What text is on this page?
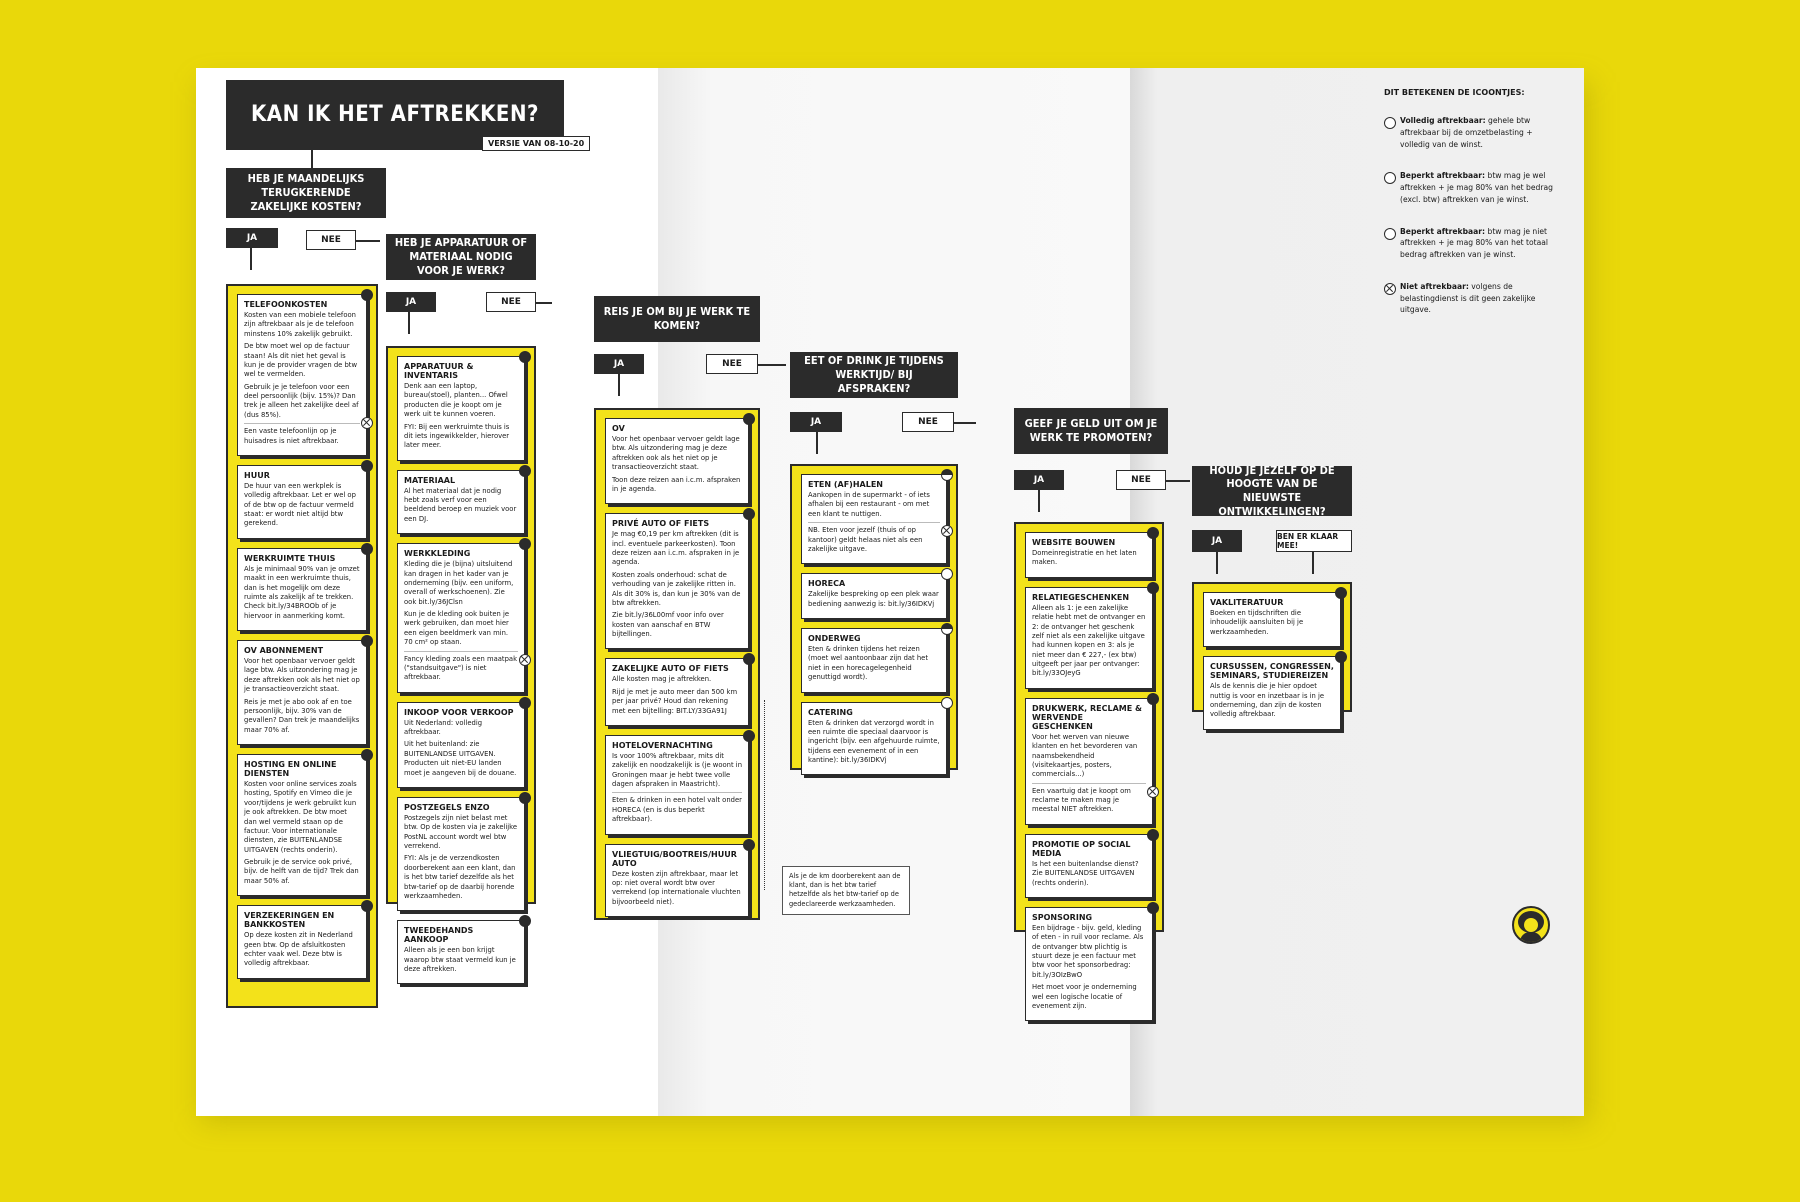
KAN IK HET AFTREKKEN?
VERSIE VAN 08-10-20
HEB JE MAANDELIJKS TERUGKERENDE ZAKELIJKE KOSTEN?
JA	NEE
TELEFOONKOSTEN

Kosten van een mobiele telefoon zijn aftrekbaar als je de telefoon minstens 10% zakelijk gebruikt.

De btw moet wel op de factuur staan! Als dit niet het geval is kun je de provider vragen de btw wel te vermelden.

Gebruik je je telefoon voor een deel persoonlijk (bijv. 15%)? Dan trek je alleen het zakelijke deel af (dus 85%).

Een vaste telefoonlijn op je huisadres is niet aftrekbaar.

HUUR

De huur van een werkplek is volledig aftrekbaar. Let er wel op of de btw op de factuur vermeld staat: er wordt niet altijd btw gerekend.

WERKRUIMTE THUIS

Als je minimaal 90% van je omzet maakt in een werkruimte thuis, dan is het mogelijk om deze ruimte als zakelijk af te trekken. Check bit.ly/34BROOb of je hiervoor in aanmerking komt.

OV ABONNEMENT

Voor het openbaar vervoer geldt lage btw. Als uitzondering mag je deze aftrekken ook als het niet op je transactieoverzicht staat.

Reis je met je abo ook af en toe persoonlijk, bijv. 30% van de gevallen? Dan trek je maandelijks maar 70% af.

HOSTING EN ONLINE DIENSTEN

Kosten voor online services zoals hosting, Spotify en Vimeo die je voor/tijdens je werk gebruikt kun je ook aftrekken. De btw moet dan wel vermeld staan op de factuur. Voor internationale diensten, zie BUITENLANDSE UITGAVEN (rechts onderin).

Gebruik je de service ook privé, bijv. de helft van de tijd? Trek dan maar 50% af.

VERZEKERINGEN EN BANKKOSTEN

Op deze kosten zit in Nederland geen btw. Op de afsluitkosten echter vaak wel. Deze btw is volledig aftrekbaar.

HEB JE APPARATUUR OF MATERIAAL NODIG VOOR JE WERK?
JA	NEE
APPARATUUR & INVENTARIS

Denk aan een laptop, bureau(stoel), planten... Ofwel producten die je koopt om je werk uit te kunnen voeren.

FYI: Bij een werkruimte thuis is dit iets ingewikkelder, hierover later meer.

MATERIAAL

Al het materiaal dat je nodig hebt zoals verf voor een beeldend beroep en muziek voor een DJ.

WERKKLEDING

Kleding die je (bijna) uitsluitend kan dragen in het kader van je onderneming (bijv. een uniform, overall of werkschoenen). Zie ook bit.ly/36JClsn

Kun je de kleding ook buiten je werk gebruiken, dan moet hier een eigen beeldmerk van min. 70 cm² op staan.

Fancy kleding zoals een maatpak ("standsuitgave") is niet aftrekbaar.

INKOOP VOOR VERKOOP

Uit Nederland: volledig aftrekbaar.

Uit het buitenland: zie BUITENLANDSE UITGAVEN. Producten uit niet-EU landen moet je aangeven bij de douane.

POSTZEGELS ENZO

Postzegels zijn niet belast met btw. Op de kosten via je zakelijke PostNL account wordt wel btw verrekend.

FYI: Als je de verzendkosten doorberekent aan een klant, dan is het btw tarief dezelfde als het btw-tarief op de daarbij horende werkzaamheden.

TWEEDEHANDS AANKOOP

Alleen als je een bon krijgt waarop btw staat vermeld kun je deze aftrekken.

REIS JE OM BIJ JE WERK TE KOMEN?
JA	NEE
OV

Voor het openbaar vervoer geldt lage btw. Als uitzondering mag je deze aftrekken ook als het niet op je transactieoverzicht staat.

Toon deze reizen aan i.c.m. afspraken in je agenda.

PRIVÉ AUTO OF FIETS

Je mag €0,19 per km aftrekken (dit is incl. eventuele parkeerkosten). Toon deze reizen aan i.c.m. afspraken in je agenda.

Kosten zoals onderhoud: schat de verhouding van je zakelijke ritten in. Als dit 30% is, dan kun je 30% van de btw aftrekken.

Zie bit.ly/36L00mf voor info over kosten van aanschaf en BTW bijtellingen.

ZAKELIJKE AUTO OF FIETS

Alle kosten mag je aftrekken.

Rijd je met je auto meer dan 500 km per jaar privé? Houd dan rekening met een bijtelling: BIT.LY/33GA91J

HOTELOVERNACHTING

Is voor 100% aftrekbaar, mits dit zakelijk en noodzakelijk is (je woont in Groningen maar je hebt twee volle dagen afspraken in Maastricht).

Eten & drinken in een hotel valt onder HORECA (en is dus beperkt aftrekbaar).

VLIEGTUIG/BOOTREIS/HUUR AUTO

Deze kosten zijn aftrekbaar, maar let op: niet overal wordt btw over verrekend (op internationale vluchten bijvoorbeeld niet).

Als je de km doorberekent aan de klant, dan is het btw tarief hetzelfde als het btw-tarief op de gedeclareerde werkzaamheden.
EET OF DRINK JE TIJDENS WERKTIJD/ BIJ AFSPRAKEN?
JA	NEE
ETEN (AF)HALEN

Aankopen in de supermarkt - of iets afhalen bij een restaurant - om met een klant te nuttigen.

NB. Eten voor jezelf (thuis of op kantoor) geldt helaas niet als een zakelijke uitgave.

HORECA

Zakelijke bespreking op een plek waar bediening aanwezig is: bit.ly/36IDKVj

ONDERWEG

Eten & drinken tijdens het reizen (moet wel aantoonbaar zijn dat het niet in een horecagelegenheid genuttigd wordt).

CATERING

Eten & drinken dat verzorgd wordt in een ruimte die speciaal daarvoor is ingericht (bijv. een afgehuurde ruimte, tijdens een evenement of in een kantine): bit.ly/36IDKVj

GEEF JE GELD UIT OM JE WERK TE PROMOTEN?
JA	NEE
WEBSITE BOUWEN

Domeinregistratie en het laten maken.

RELATIEGESCHENKEN

Alleen als 1: je een zakelijke relatie hebt met de ontvanger en 2: de ontvanger het geschenk zelf niet als een zakelijke uitgave had kunnen kopen en 3: als je niet meer dan € 227,- (ex btw) uitgeeft per jaar per ontvanger: bit.ly/33OJeyG

DRUKWERK, RECLAME & WERVENDE GESCHENKEN

Voor het werven van nieuwe klanten en het bevorderen van naamsbekendheid (visitekaartjes, posters, commercials...)

Een vaartuig dat je koopt om reclame te maken mag je meestal NIET aftrekken.

PROMOTIE OP SOCIAL MEDIA

Is het een buitenlandse dienst? Zie BUITENLANDSE UITGAVEN (rechts onderin).

SPONSORING

Een bijdrage - bijv. geld, kleding of eten - in ruil voor reclame. Als de ontvanger btw plichtig is stuurt deze je een factuur met btw voor het sponsorbedrag: bit.ly/3OIzBwO

Het moet voor je onderneming wel een logische locatie of evenement zijn.

HOUD JE JEZELF OP DE HOOGTE VAN DE NIEUWSTE ONTWIKKELINGEN?
JA	BEN ER KLAAR MEE!
VAKLITERATUUR

Boeken en tijdschriften die inhoudelijk aansluiten bij je werkzaamheden.

CURSUSSEN, CONGRESSEN, SEMINARS, STUDIEREIZEN

Als de kennis die je hier opdoet nuttig is voor en inzetbaar is in je onderneming, dan zijn de kosten volledig aftrekbaar.

DIT BETEKENEN DE ICOONTJES:
Volledig aftrekbaar: gehele btw aftrekbaar bij de omzetbelasting + volledig van de winst.
Beperkt aftrekbaar: btw mag je wel aftrekken + je mag 80% van het bedrag (excl. btw) aftrekken van je winst.
Beperkt aftrekbaar: btw mag je niet aftrekken + je mag 80% van het totaal bedrag aftrekken van je winst.
Niet aftrekbaar: volgens de belastingdienst is dit geen zakelijke uitgave.
